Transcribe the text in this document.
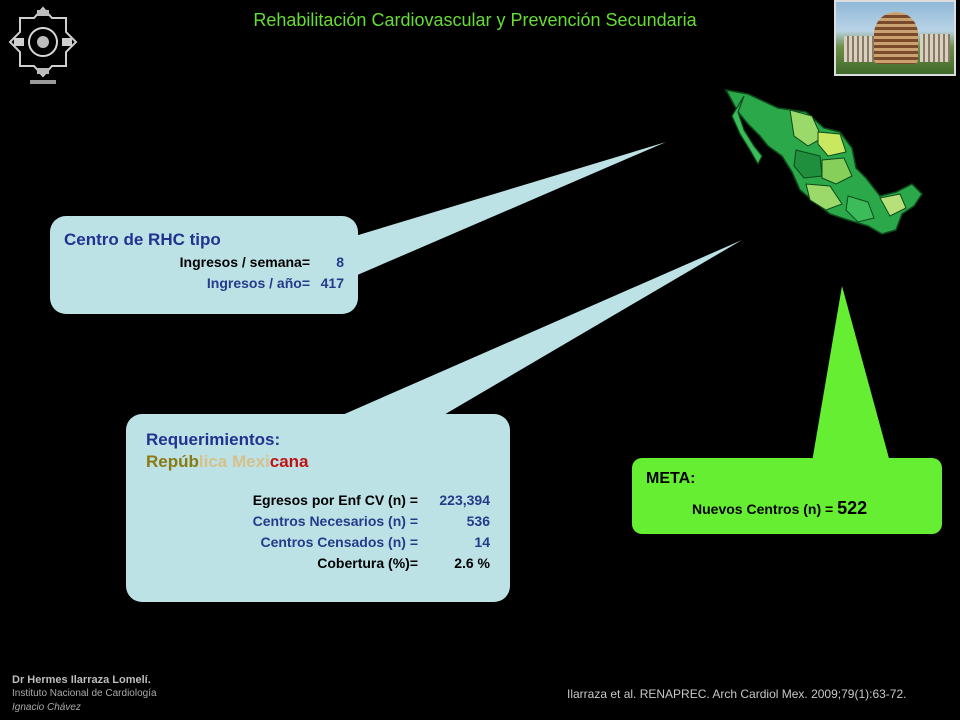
Rehabilitación Cardiovascular y Prevención Secundaria
Centro de RHC tipo
Ingresos / semana=	8
Ingresos / año= 417
Requerimientos:
República Mexicana
Egresos por Enf CV (n) =	223,394
Centros Necesarios (n) =	536
Centros Censados (n) =	14
Cobertura (%)=	2.6 %
META:
Nuevos Centros (n) = 522
Dr Hermes Ilarraza Lomelí.
Instituto Nacional de Cardiología
Ignacio Chávez
Ilarraza et al. RENAPREC. Arch Cardiol Mex. 2009;79(1):63-72.
